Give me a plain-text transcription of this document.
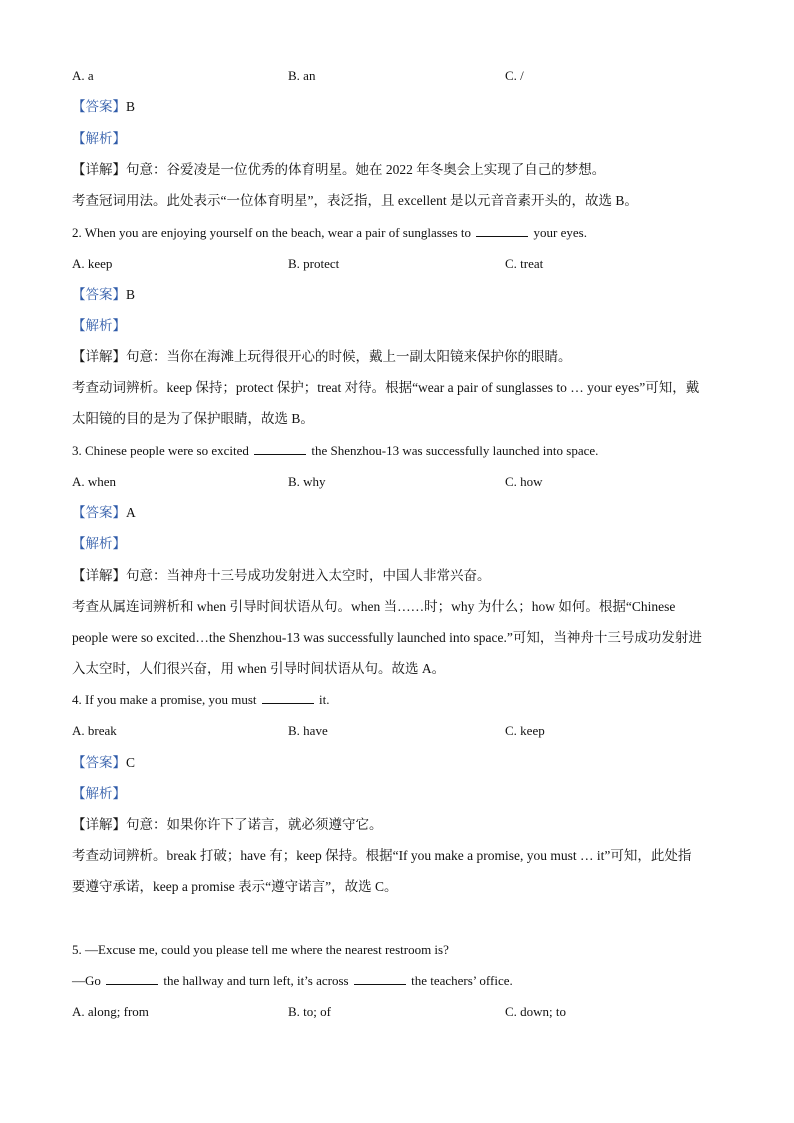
A. a	B. an	C. /
【答案】B
【解析】
【详解】句意：谷爱凌是一位优秀的体育明星。她在 2022 年冬奥会上实现了自己的梦想。
考查冠词用法。此处表示“一位体育明星”，表泛指，且 excellent 是以元音音素开头的，故选 B。
2. When you are enjoying yourself on the beach, wear a pair of sunglasses to	your eyes.
A. keep	B. protect	C. treat
【答案】B
【解析】
【详解】句意：当你在海滩上玩得很开心的时候，戴上一副太阳镜来保护你的眼睛。
考查动词辨析。keep 保持；protect 保护；treat 对待。根据“wear a pair of sunglasses to … your eyes”可知，戴
太阳镜的目的是为了保护眼睛，故选 B。
3. Chinese people were so excited	the Shenzhou-13 was successfully launched into space.
A. when	B. why	C. how
【答案】A
【解析】
【详解】句意：当神舟十三号成功发射进入太空时，中国人非常兴奋。
考查从属连词辨析和 when 引导时间状语从句。when 当……时；why 为什么；how 如何。根据“Chinese
people were so excited…the Shenzhou-13 was successfully launched into space.”可知，当神舟十三号成功发射进
入太空时，人们很兴奋，用 when 引导时间状语从句。故选 A。
4. If you make a promise, you must	it.
A. break	B. have	C. keep
【答案】C
【解析】
【详解】句意：如果你许下了诺言，就必须遵守它。
考查动词辨析。break 打破；have 有；keep 保持。根据“If you make a promise, you must … it”可知，此处指
要遵守承诺，keep a promise 表示“遵守诺言”，故选 C。
5. —Excuse me, could you please tell me where the nearest restroom is?
—Go	the hallway and turn left, it’s across	the teachers’ office.
A. along; from	B. to; of	C. down; to
